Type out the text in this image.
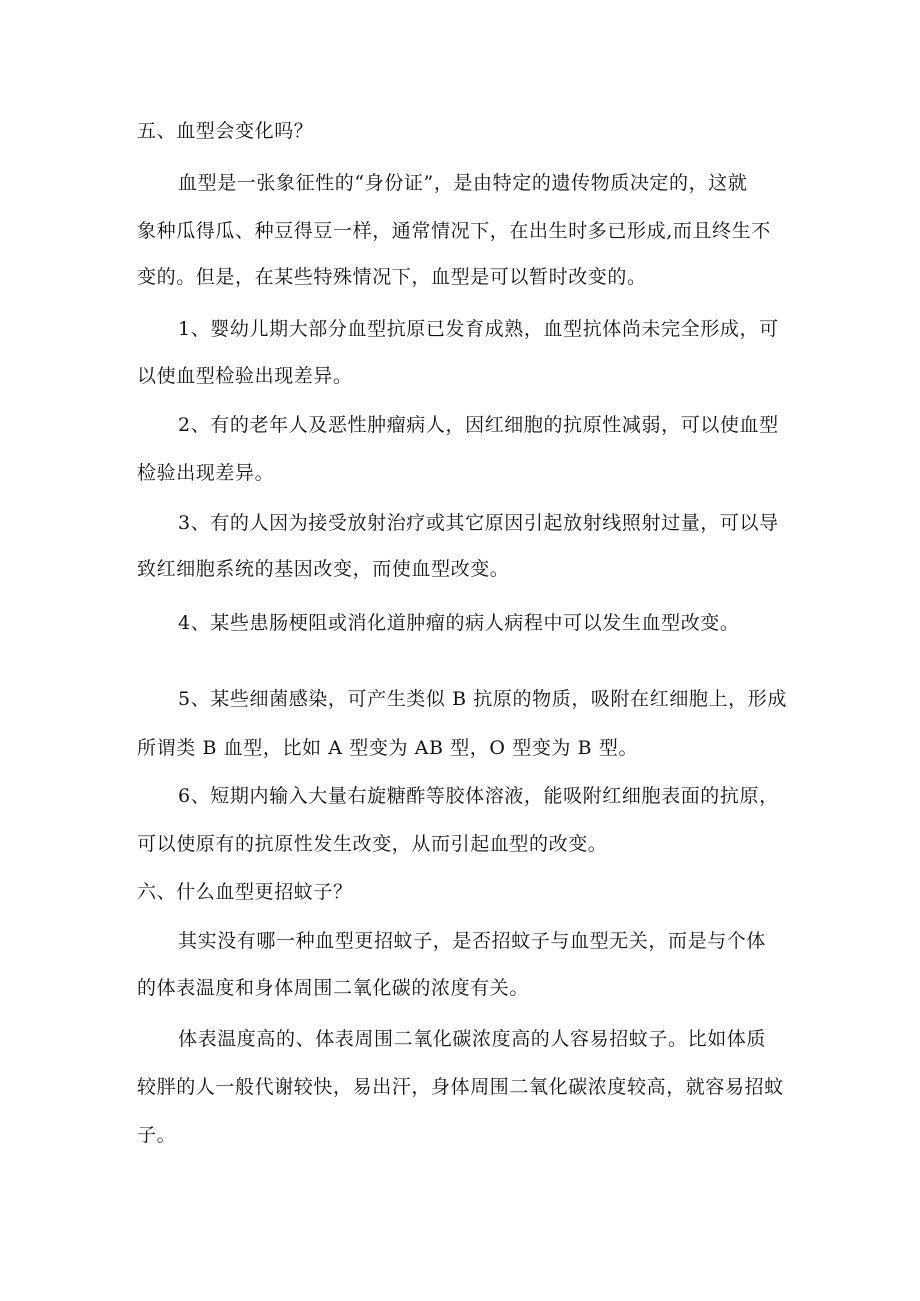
五、血型会变化吗？
血型是一张象征性的“身份证”，是由特定的遗传物质决定的，这就
象种瓜得瓜、种豆得豆一样，通常情况下，在出生时多已形成,而且终生不
变的。但是，在某些特殊情况下，血型是可以暂时改变的。
1、婴幼儿期大部分血型抗原已发育成熟，血型抗体尚未完全形成，可
以使血型检验出现差异。
2、有的老年人及恶性肿瘤病人，因红细胞的抗原性减弱，可以使血型
检验出现差异。
3、有的人因为接受放射治疗或其它原因引起放射线照射过量，可以导
致红细胞系统的基因改变，而使血型改变。
4、某些患肠梗阻或消化道肿瘤的病人病程中可以发生血型改变。
5、某些细菌感染，可产生类似 B 抗原的物质，吸附在红细胞上，形成
所谓类 B 血型，比如 A 型变为 AB 型，O 型变为 B 型。
6、短期内输入大量右旋糖酢等胶体溶液，能吸附红细胞表面的抗原，
可以使原有的抗原性发生改变，从而引起血型的改变。
六、什么血型更招蚊子？
其实没有哪一种血型更招蚊子，是否招蚊子与血型无关，而是与个体
的体表温度和身体周围二氧化碳的浓度有关。
体表温度高的、体表周围二氧化碳浓度高的人容易招蚊子。比如体质
较胖的人一般代谢较快，易出汗，身体周围二氧化碳浓度较高，就容易招蚊
子。
